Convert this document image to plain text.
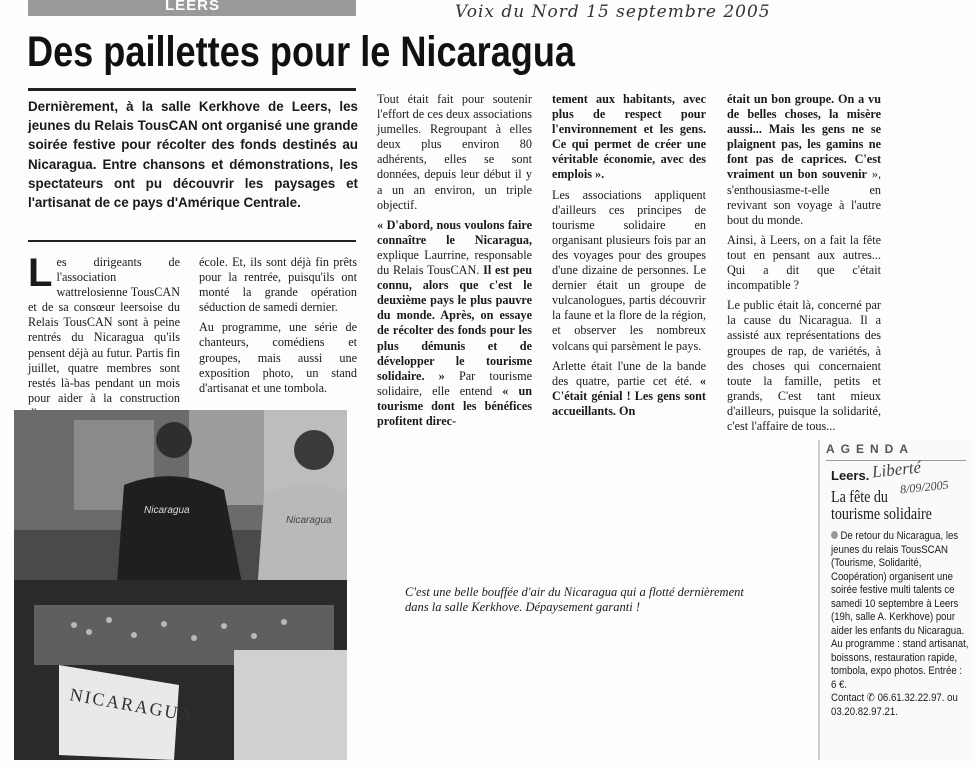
LEERS	Voix du Nord 15 septembre 2005
Des paillettes pour le Nicaragua
Dernièrement, à la salle Kerkhove de Leers, les jeunes du Relais TousCAN ont organisé une grande soirée festive pour récolter des fonds destinés au Nicaragua. Entre chansons et démonstrations, les spectateurs ont pu découvrir les paysages et l'artisanat de ce pays d'Amérique Centrale.
Les dirigeants de l'association wattrelosienne TousCAN et de sa consœur leersoise du Relais TousCAN sont à peine rentrés du Nicaragua qu'ils pensent déjà au futur. Partis fin juillet, quatre membres sont restés là-bas pendant un mois pour aider à la construction

école. Et, ils sont déjà fin prêts pour la rentrée, puisqu'ils ont monté la grande opération séduction de samedi dernier.

Au programme, une série de chanteurs, comédiens et groupes, mais aussi une exposition photo, un stand d'artisanat et une tombola.

Tout était fait pour soutenir l'effort de ces deux associations jumelles. Regroupant à elles deux plus environ 80 adhérents, elles se sont données, depuis leur début il y a un an environ, un triple objectif.

« D'abord, nous voulons faire connaître le Nicaragua, explique Laurrine, responsable du Relais TousCAN. Il est peu connu, alors que c'est le deuxième pays le plus pauvre du monde. Après, on essaye de récolter des fonds pour les plus démunis et de développer le tourisme solidaire. » Par tourisme solidaire, elle entend « un tourisme dont les bénéfices profitent direc-

tement aux habitants, avec plus de respect pour l'environnement et les gens. Ce qui permet de créer une véritable économie, avec des emplois ».

Les associations appliquent d'ailleurs ces principes de tourisme solidaire en organisant plusieurs fois par an des voyages pour des groupes d'une dizaine de personnes. Le dernier était un groupe de vulcanologues, partis découvrir la faune et la flore de la région, et observer les nombreux volcans qui parsèment le pays.

Arlette était l'une de la bande des quatre, partie cet été. « C'était génial ! Les gens sont accueillants. On

était un bon groupe. On a vu de belles choses, la misère aussi... Mais les gens ne se plaignent pas, les gamins ne font pas de caprices. C'est vraiment un bon souvenir », s'enthousiasme-t-elle en revivant son voyage à l'autre bout du monde.

Ainsi, à Leers, on a fait la fête tout en pensant aux autres... Qui a dit que c'était incompatible ?

Le public était là, concerné par la cause du Nicaragua. Il a assisté aux représentations des groupes de rap, de variétés, à des choses qui concernaient toute la famille, petits et grands, C'est tant mieux d'ailleurs, puisque la solidarité, c'est l'affaire de tous...

Nicaragua
Nicaragua
NICARAGUA
C'est une belle bouffée d'air du Nicaragua qui a flotté dernièrement dans la salle Kerkhove. Dépaysement garanti !
AGENDA
Leers. Liberté
8/09/2005
La fête du
tourisme solidaire
De retour du Nicaragua, les jeunes du relais TousSCAN (Tourisme, Solidarité, Coopération) organisent une soirée festive multi talents ce samedi 10 septembre à Leers (19h, salle A. Kerkhove) pour aider les enfants du Nicaragua.
Au programme : stand artisanat, boissons, restauration rapide, tombola, expo photos. Entrée : 6 €.
Contact ✆ 06.61.32.22.97. ou 03.20.82.97.21.
